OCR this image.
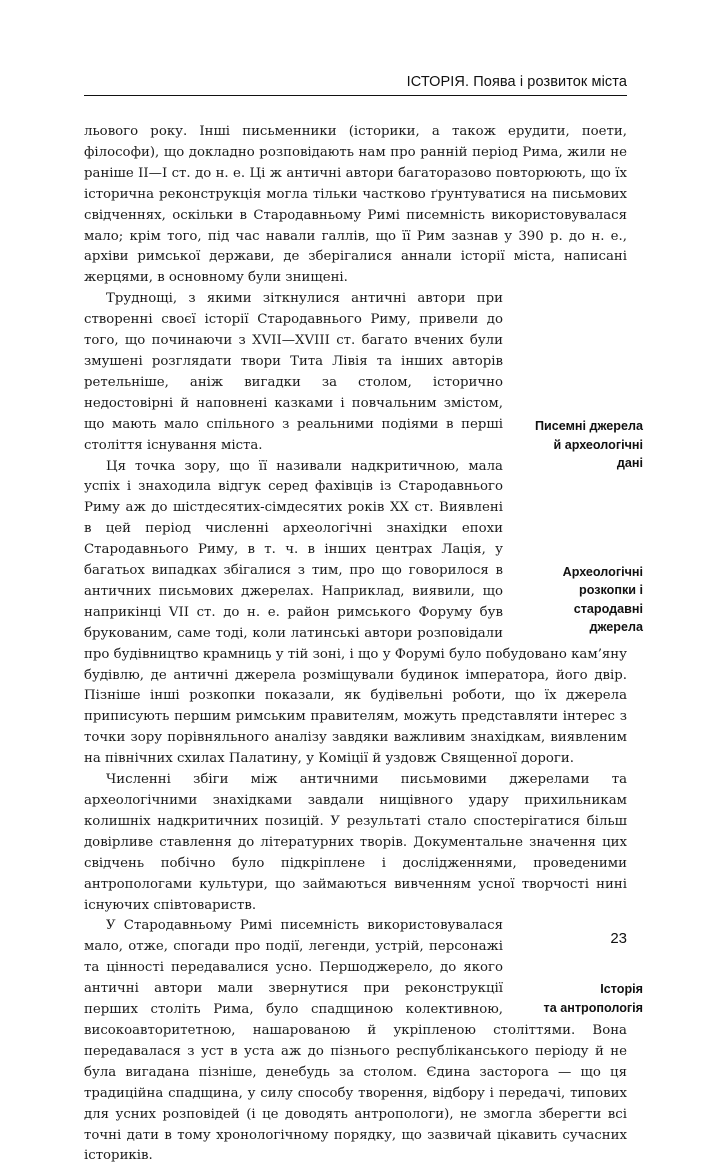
ІСТОРІЯ. Поява і розвиток міста

льового року. Інші письменники (історики, а також ерудити, поети, філософи), що докладно розповідають нам про ранній період Рима, жили не раніше II—I ст. до н. е. Ці ж античні автори багаторазово повторюють, що їх історична реконструкція могла тільки частково ґрунтуватися на письмових свідченнях, оскільки в Стародавньому Римі писемність використовувалася мало; крім того, під час навали галлів, що її Рим зазнав у 390 р. до н. е., архіви римської держави, де зберігалися аннали історії міста, написані жерцями, в основному були знищені.

Писемні джерела
й археологічні
дані

Труднощі, з якими зіткнулися античні автори при створенні своєї історії Стародавнього Риму, привели до того, що починаючи з XVII—XVIII ст. багато вчених були змушені розглядати твори Тита Лівія та інших авторів ретельніше, аніж вигадки за столом, історично недостовірні й наповнені казками і повчальним змістом, що мають мало спільного з реальними подіями в перші століття існування міста.

Археологічні
розкопки і стародавні
джерела

Ця точка зору, що її називали надкритичною, мала успіх і знаходила відгук серед фахівців із Стародавнього Риму аж до шістдесятих-сімдесятих років XX ст. Виявлені в цей період численні археологічні знахідки епохи Стародавнього Риму, в т. ч. в інших центрах Лація, у багатьох випадках збігалися з тим, про що говорилося в античних письмових джерелах. Наприклад, виявили, що наприкінці VII ст. до н. е. район римського Форуму був брукованим, саме тоді, коли латинські автори розповідали про будівництво крамниць у тій зоні, і що у Форумі було побудовано кам’яну будівлю, де античні джерела розміщували будинок імператора, його двір. Пізніше інші розкопки показали, як будівельні роботи, що їх джерела приписують першим римським правителям, можуть представляти інтерес з точки зору порівняльного аналізу завдяки важливим знахідкам, виявленим на північних схилах Палатину, у Комiції й уздовж Священної дороги.

Численні збіги між античними письмовими джерелами та археологічними знахідками завдали нищівного удару прихильникам колишніх надкритичних позицій. У результаті стало спостерігатися більш довірливе ставлення до літературних творів. Документальне значення цих свідчень побічно було підкріплене і дослідженнями, проведеними антропологами культури, що займаються вивченням усної творчості нині існуючих співтовариств.

Історія
та антропологія

У Стародавньому Римі писемність використовувалася мало, отже, спогади про події, легенди, устрій, персонажі та цінності передавалися усно. Першоджерело, до якого античні автори мали звернутися при реконструкції перших століть Рима, було спадщиною колективною, високоавторитетною, нашарованою й укріпленою століттями. Вона передавалася з уст в уста аж до пізнього республіканського періоду й не була вигадана пізніше, денебудь за столом. Єдина засторога — що ця традиційна спадщина, у силу способу творення, відбору і передачі, типових для усних розповідей (і це доводять антропологи), не змогла зберегти всі точні дати в тому хронологічному порядку, що зазвичай цікавить сучасних істориків.

23
